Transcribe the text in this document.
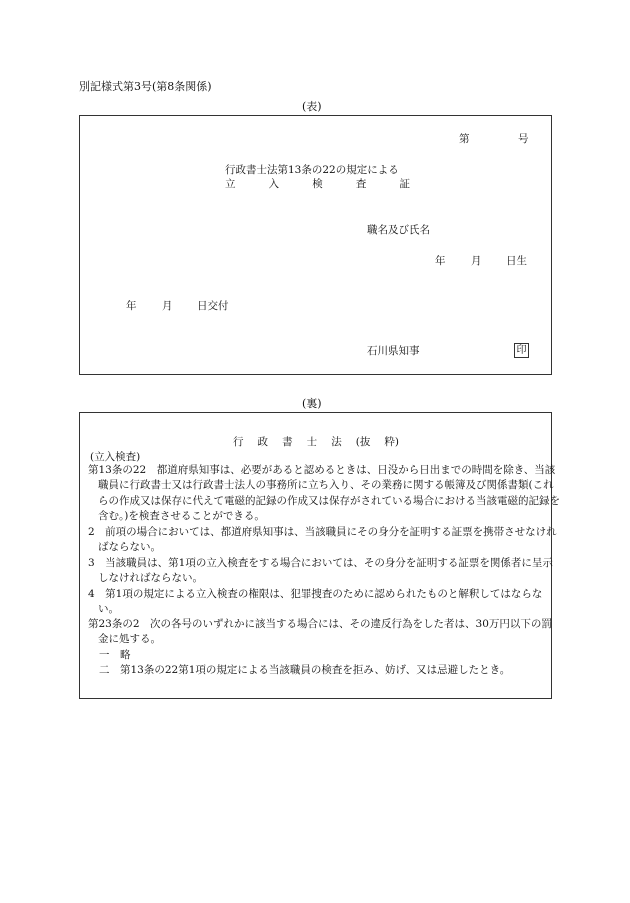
別記様式第3号(第8条関係)
(表)
第	号
行政書士法第13条の22の規定による
立	入	検	査	証
職名及び氏名
年 月 日生
年 月 日交付
石川県知事	印
(裏)
行 政 書 士 法 (抜 粋)
(立入検査)
第13条の22　都道府県知事は、必要があると認めるときは、日没から日出までの時間を除き、当該職員に行政書士又は行政書士法人の事務所に立ち入り、その業務に関する帳簿及び関係書類(これらの作成又は保存に代えて電磁的記録の作成又は保存がされている場合における当該電磁的記録を含む。)を検査させることができる。
2　前項の場合においては、都道府県知事は、当該職員にその身分を証明する証票を携帯させなければならない。
3　当該職員は、第1項の立入検査をする場合においては、その身分を証明する証票を関係者に呈示しなければならない。
4　第1項の規定による立入検査の権限は、犯罪捜査のために認められたものと解釈してはならない。
第23条の2　次の各号のいずれかに該当する場合には、その違反行為をした者は、30万円以下の罰金に処する。
一　略
二　第13条の22第1項の規定による当該職員の検査を拒み、妨げ、又は忌避したとき。
